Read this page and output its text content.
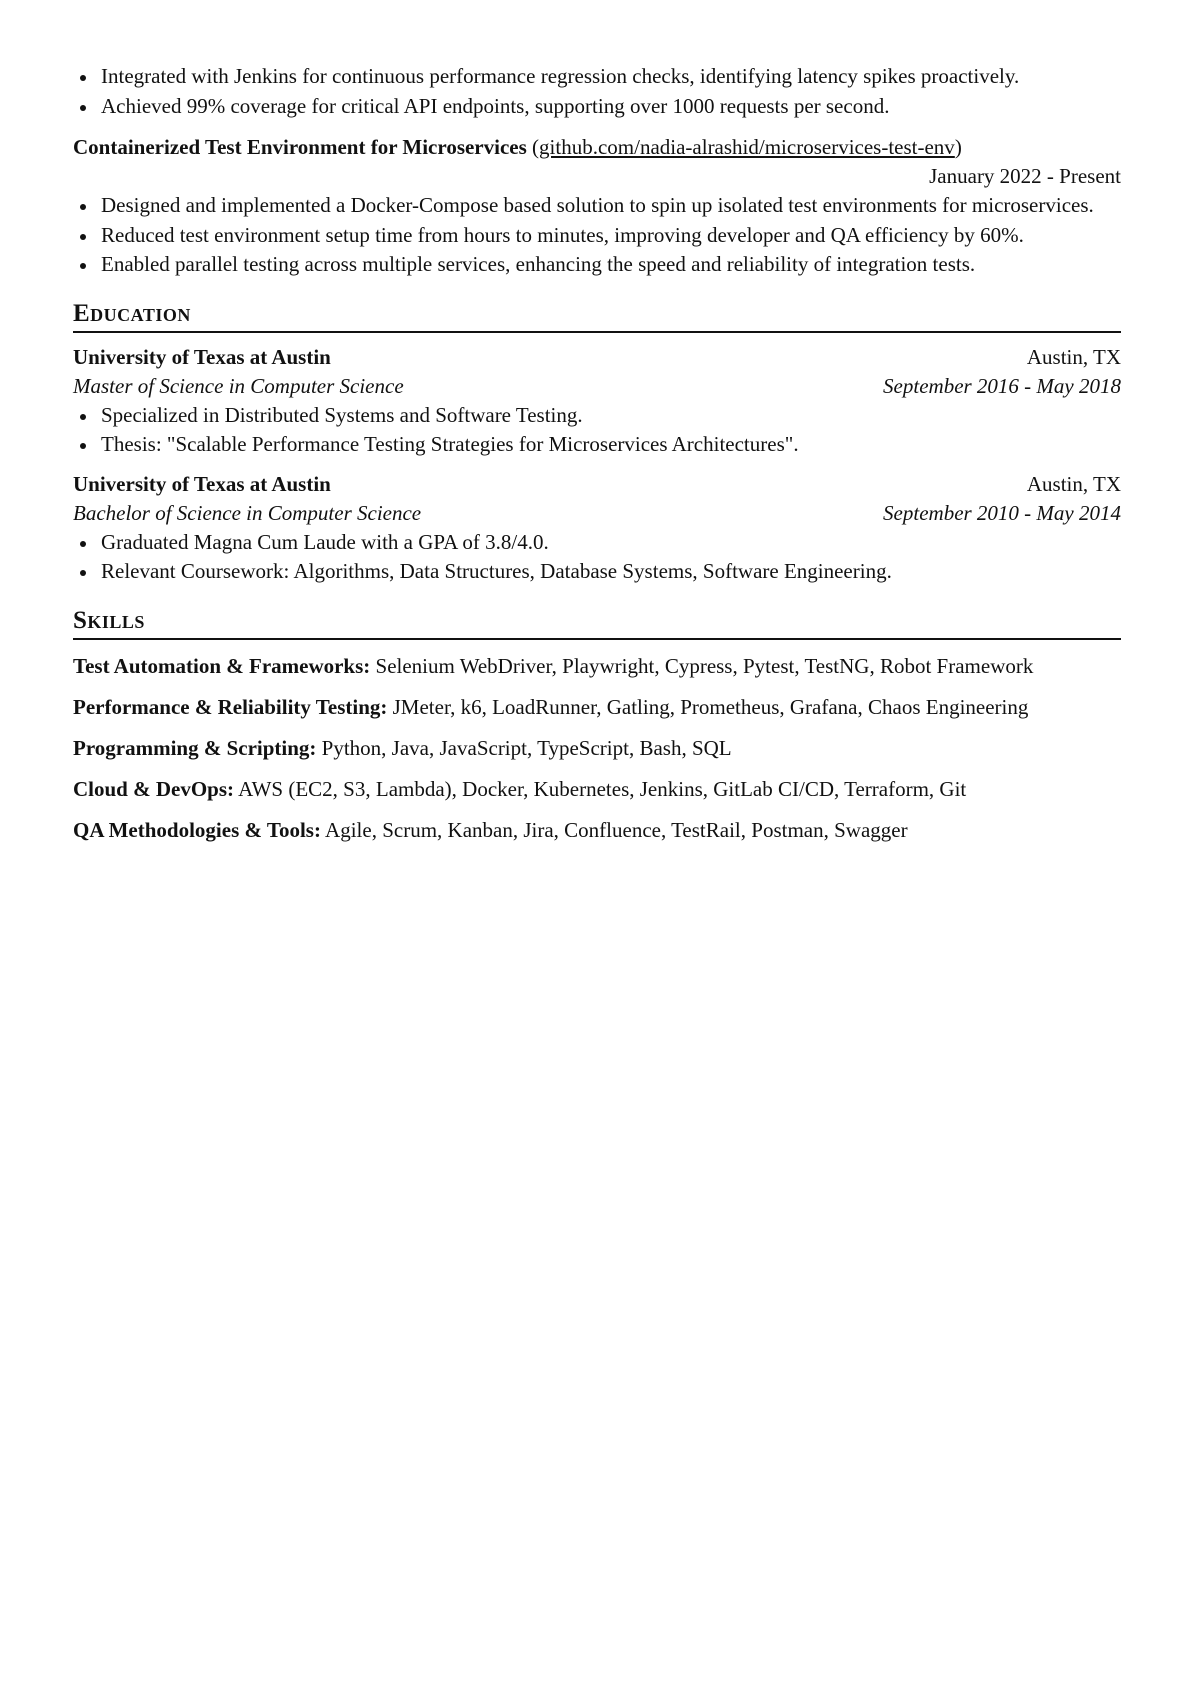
Integrated with Jenkins for continuous performance regression checks, identifying latency spikes proactively.
Achieved 99% coverage for critical API endpoints, supporting over 1000 requests per second.
Containerized Test Environment for Microservices (github.com/nadia-alrashid/microservices-test-env)
January 2022 - Present
Designed and implemented a Docker-Compose based solution to spin up isolated test environments for microservices.
Reduced test environment setup time from hours to minutes, improving developer and QA efficiency by 60%.
Enabled parallel testing across multiple services, enhancing the speed and reliability of integration tests.
Education
University of Texas at Austin	Austin, TX
Master of Science in Computer Science	September 2016 - May 2018
Specialized in Distributed Systems and Software Testing.
Thesis: "Scalable Performance Testing Strategies for Microservices Architectures".
University of Texas at Austin	Austin, TX
Bachelor of Science in Computer Science	September 2010 - May 2014
Graduated Magna Cum Laude with a GPA of 3.8/4.0.
Relevant Coursework: Algorithms, Data Structures, Database Systems, Software Engineering.
Skills
Test Automation & Frameworks: Selenium WebDriver, Playwright, Cypress, Pytest, TestNG, Robot Framework
Performance & Reliability Testing: JMeter, k6, LoadRunner, Gatling, Prometheus, Grafana, Chaos Engineering
Programming & Scripting: Python, Java, JavaScript, TypeScript, Bash, SQL
Cloud & DevOps: AWS (EC2, S3, Lambda), Docker, Kubernetes, Jenkins, GitLab CI/CD, Terraform, Git
QA Methodologies & Tools: Agile, Scrum, Kanban, Jira, Confluence, TestRail, Postman, Swagger
